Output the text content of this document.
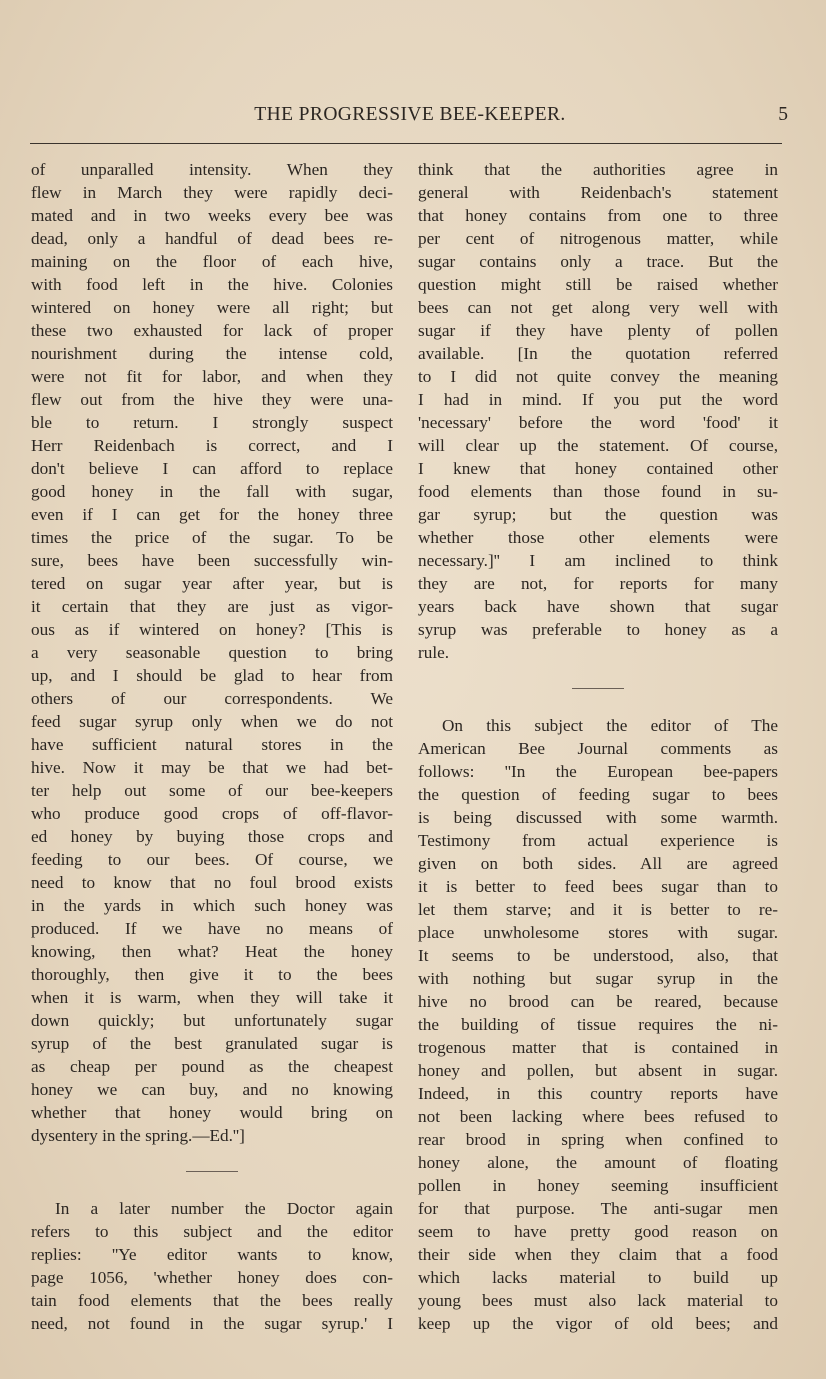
THE PROGRESSIVE BEE-KEEPER.	5
of unparalled intensity. When they
flew in March they were rapidly deci-
mated and in two weeks every bee was
dead, only a handful of dead bees re-
maining on the floor of each hive,
with food left in the hive. Colonies
wintered on honey were all right; but
these two exhausted for lack of proper
nourishment during the intense cold,
were not fit for labor, and when they
flew out from the hive they were una-
ble to return. I strongly suspect
Herr Reidenbach is correct, and I
don't believe I can afford to replace
good honey in the fall with sugar,
even if I can get for the honey three
times the price of the sugar. To be
sure, bees have been successfully win-
tered on sugar year after year, but is
it certain that they are just as vigor-
ous as if wintered on honey? [This is
a very seasonable question to bring
up, and I should be glad to hear from
others of our correspondents. We
feed sugar syrup only when we do not
have sufficient natural stores in the
hive. Now it may be that we had bet-
ter help out some of our bee-keepers
who produce good crops of off-flavor-
ed honey by buying those crops and
feeding to our bees. Of course, we
need to know that no foul brood exists
in the yards in which such honey was
produced. If we have no means of
knowing, then what? Heat the honey
thoroughly, then give it to the bees
when it is warm, when they will take it
down quickly; but unfortunately sugar
syrup of the best granulated sugar is
as cheap per pound as the cheapest
honey we can buy, and no knowing
whether that honey would bring on
dysentery in the spring.—Ed.'']
In a later number the Doctor again
refers to this subject and the editor
replies: ''Ye editor wants to know,
page 1056, 'whether honey does con-
tain food elements that the bees really
need, not found in the sugar syrup.' I
think that the authorities agree in
general with Reidenbach's statement
that honey contains from one to three
per cent of nitrogenous matter, while
sugar contains only a trace. But the
question might still be raised whether
bees can not get along very well with
sugar if they have plenty of pollen
available. [In the quotation referred
to I did not quite convey the meaning
I had in mind. If you put the word
'necessary' before the word 'food' it
will clear up the statement. Of course,
I knew that honey contained other
food elements than those found in su-
gar syrup; but the question was
whether those other elements were
necessary.]'' I am inclined to think
they are not, for reports for many
years back have shown that sugar
syrup was preferable to honey as a
rule.
On this subject the editor of The
American Bee Journal comments as
follows: ''In the European bee-papers
the question of feeding sugar to bees
is being discussed with some warmth.
Testimony from actual experience is
given on both sides. All are agreed
it is better to feed bees sugar than to
let them starve; and it is better to re-
place unwholesome stores with sugar.
It seems to be understood, also, that
with nothing but sugar syrup in the
hive no brood can be reared, because
the building of tissue requires the ni-
trogenous matter that is contained in
honey and pollen, but absent in sugar.
Indeed, in this country reports have
not been lacking where bees refused to
rear brood in spring when confined to
honey alone, the amount of floating
pollen in honey seeming insufficient
for that purpose. The anti-sugar men
seem to have pretty good reason on
their side when they claim that a food
which lacks material to build up
young bees must also lack material to
keep up the vigor of old bees; and
